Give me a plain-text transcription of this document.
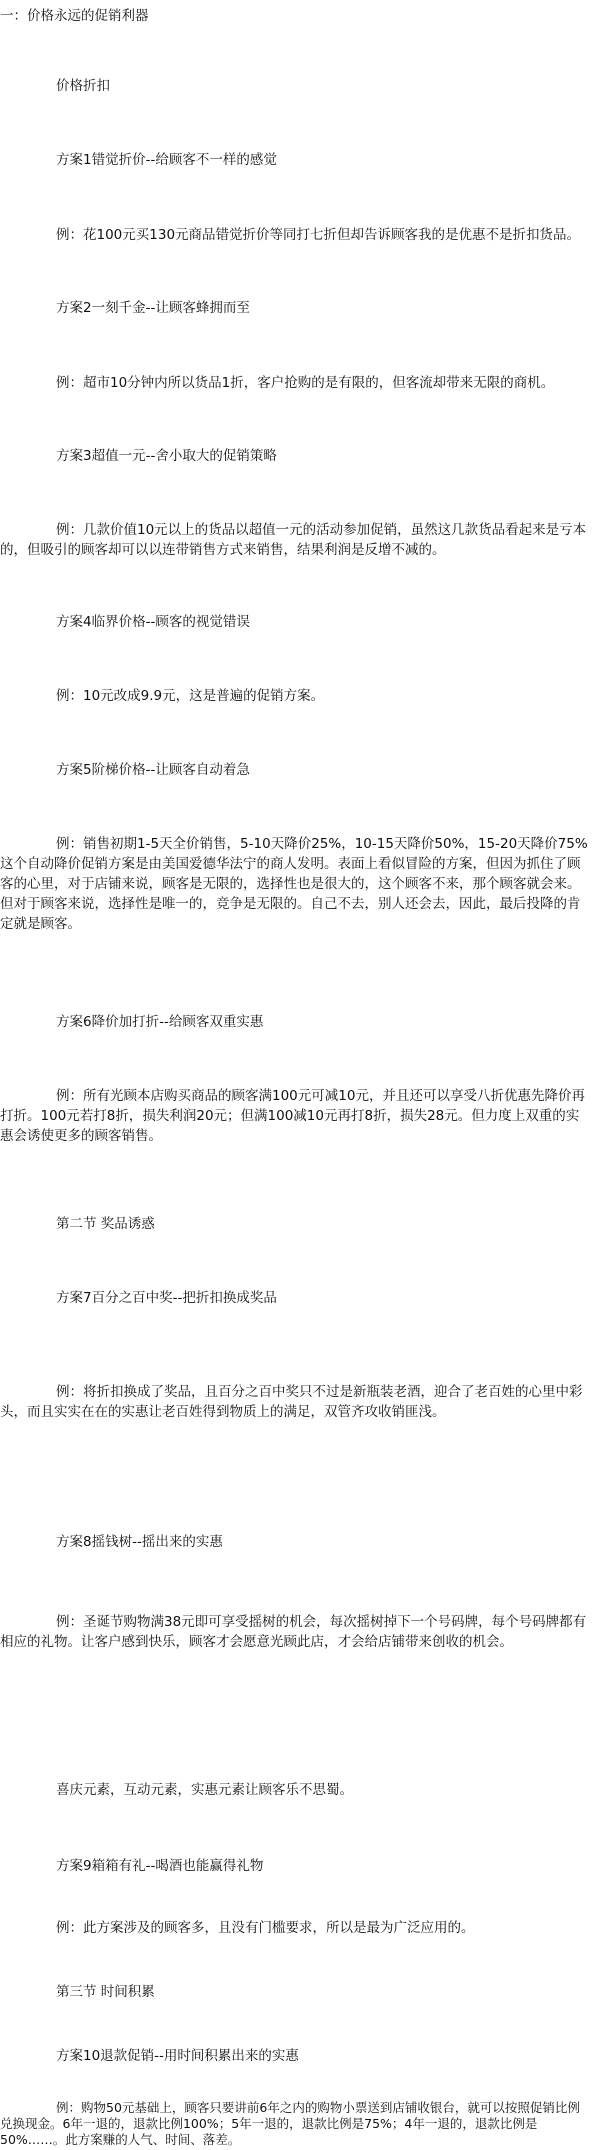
一：价格永远的促销利器

价格折扣

方案1错觉折价--给顾客不一样的感觉

例：花100元买130元商品错觉折价等同打七折但却告诉顾客我的是优惠不是折扣货品。

方案2一刻千金--让顾客蜂拥而至

例：超市10分钟内所以货品1折，客户抢购的是有限的，但客流却带来无限的商机。

方案3超值一元--舍小取大的促销策略

例：几款价值10元以上的货品以超值一元的活动参加促销，虽然这几款货品看起来是亏本的，但吸引的顾客却可以以连带销售方式来销售，结果利润是反增不减的。

方案4临界价格--顾客的视觉错误

例：10元改成9.9元，这是普遍的促销方案。

方案5阶梯价格--让顾客自动着急

例：销售初期1-5天全价销售，5-10天降价25%，10-15天降价50%，15-20天降价75%这个自动降价促销方案是由美国爱德华法宁的商人发明。表面上看似冒险的方案，但因为抓住了顾客的心里，对于店铺来说，顾客是无限的，选择性也是很大的，这个顾客不来，那个顾客就会来。但对于顾客来说，选择性是唯一的，竞争是无限的。自己不去，别人还会去，因此，最后投降的肯定就是顾客。

方案6降价加打折--给顾客双重实惠

例：所有光顾本店购买商品的顾客满100元可减10元，并且还可以享受八折优惠先降价再打折。100元若打8折，损失利润20元；但满100减10元再打8折，损失28元。但力度上双重的实惠会诱使更多的顾客销售。

第二节 奖品诱惑

方案7百分之百中奖--把折扣换成奖品

例：将折扣换成了奖品，且百分之百中奖只不过是新瓶装老酒，迎合了老百姓的心里中彩头，而且实实在在的实惠让老百姓得到物质上的满足，双管齐攻收销匪浅。

方案8摇钱树--摇出来的实惠

例：圣诞节购物满38元即可享受摇树的机会，每次摇树掉下一个号码牌，每个号码牌都有相应的礼物。让客户感到快乐，顾客才会愿意光顾此店，才会给店铺带来创收的机会。

喜庆元素，互动元素，实惠元素让顾客乐不思蜀。

方案9箱箱有礼--喝酒也能赢得礼物

例：此方案涉及的顾客多，且没有门槛要求，所以是最为广泛应用的。

第三节 时间积累

方案10退款促销--用时间积累出来的实惠

例：购物50元基础上，顾客只要讲前6年之内的购物小票送到店铺收银台，就可以按照促销比例兑换现金。6年一退的，退款比例100%；5年一退的，退款比例是75%；4年一退的，退款比例是50%……。此方案赚的人气、时间、落差。
